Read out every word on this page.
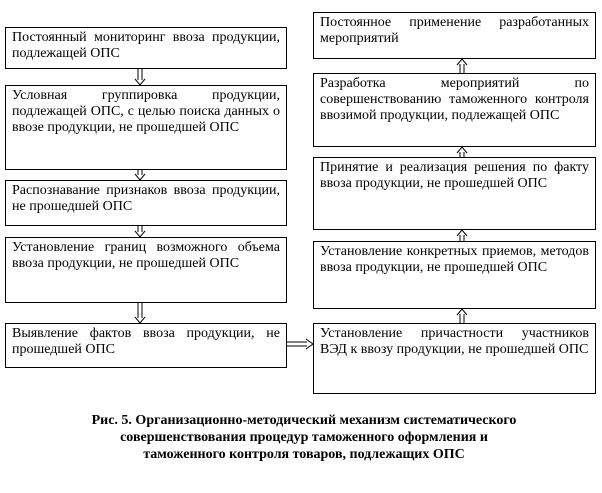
Постоянный мониторинг ввоза продукции, подлежащей ОПС
Условная группировка продукции, подлежащей ОПС, с целью поиска данных о ввозе продукции, не прошедшей ОПС
Распознавание признаков ввоза продукции, не прошедшей ОПС
Установление границ возможного объема ввоза продукции, не прошедшей ОПС
Выявление фактов ввоза продукции, не прошедшей ОПС
Постоянное применение разработанных мероприятий
Разработка мероприятий по совершенствованию таможенного контроля ввозимой продукции, подлежащей ОПС
Принятие и реализация решения по факту ввоза продукции, не прошедшей ОПС
Установление конкретных приемов, методов ввоза продукции, не прошедшей ОПС
Установление причастности участников ВЭД к ввозу продукции, не прошедшей ОПС
Рис. 5. Организационно-методический механизм систематического
совершенствования процедур таможенного оформления и
таможенного контроля товаров, подлежащих ОПС
